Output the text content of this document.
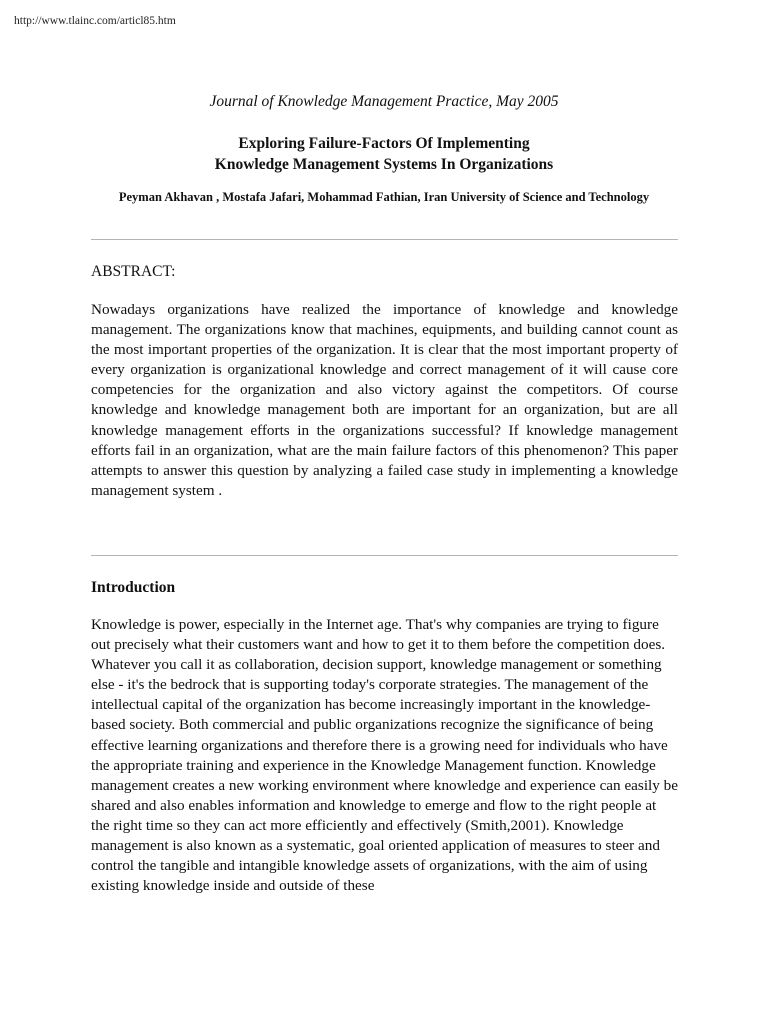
http://www.tlainc.com/articl85.htm
Journal of Knowledge Management Practice, May 2005
Exploring Failure-Factors Of Implementing
Knowledge Management Systems In Organizations
Peyman Akhavan , Mostafa Jafari, Mohammad Fathian, Iran University of Science and Technology
ABSTRACT:

Nowadays organizations have realized the importance of knowledge and knowledge management. The organizations know that machines, equipments, and building cannot count as the most important properties of the organization. It is clear that the most important property of every organization is organizational knowledge and correct management of it will cause core competencies for the organization and also victory against the competitors. Of course knowledge and knowledge management both are important for an organization, but are all knowledge management efforts in the organizations successful? If knowledge management efforts fail in an organization, what are the main failure factors of this phenomenon? This paper attempts to answer this question by analyzing a failed case study in implementing a knowledge management system .

Introduction

Knowledge is power, especially in the Internet age. That's why companies are trying to figure out precisely what their customers want and how to get it to them before the competition does. Whatever you call it as collaboration, decision support, knowledge management or something else - it's the bedrock that is supporting today's corporate strategies. The management of the intellectual capital of the organization has become increasingly important in the knowledge-based society. Both commercial and public organizations recognize the significance of being effective learning organizations and therefore there is a growing need for individuals who have the appropriate training and experience in the Knowledge Management function. Knowledge management creates a new working environment where knowledge and experience can easily be shared and also enables information and knowledge to emerge and flow to the right people at the right time so they can act more efficiently and effectively (Smith,2001). Knowledge management is also known as a systematic, goal oriented application of measures to steer and control the tangible and intangible knowledge assets of organizations, with the aim of using existing knowledge inside and outside of these
